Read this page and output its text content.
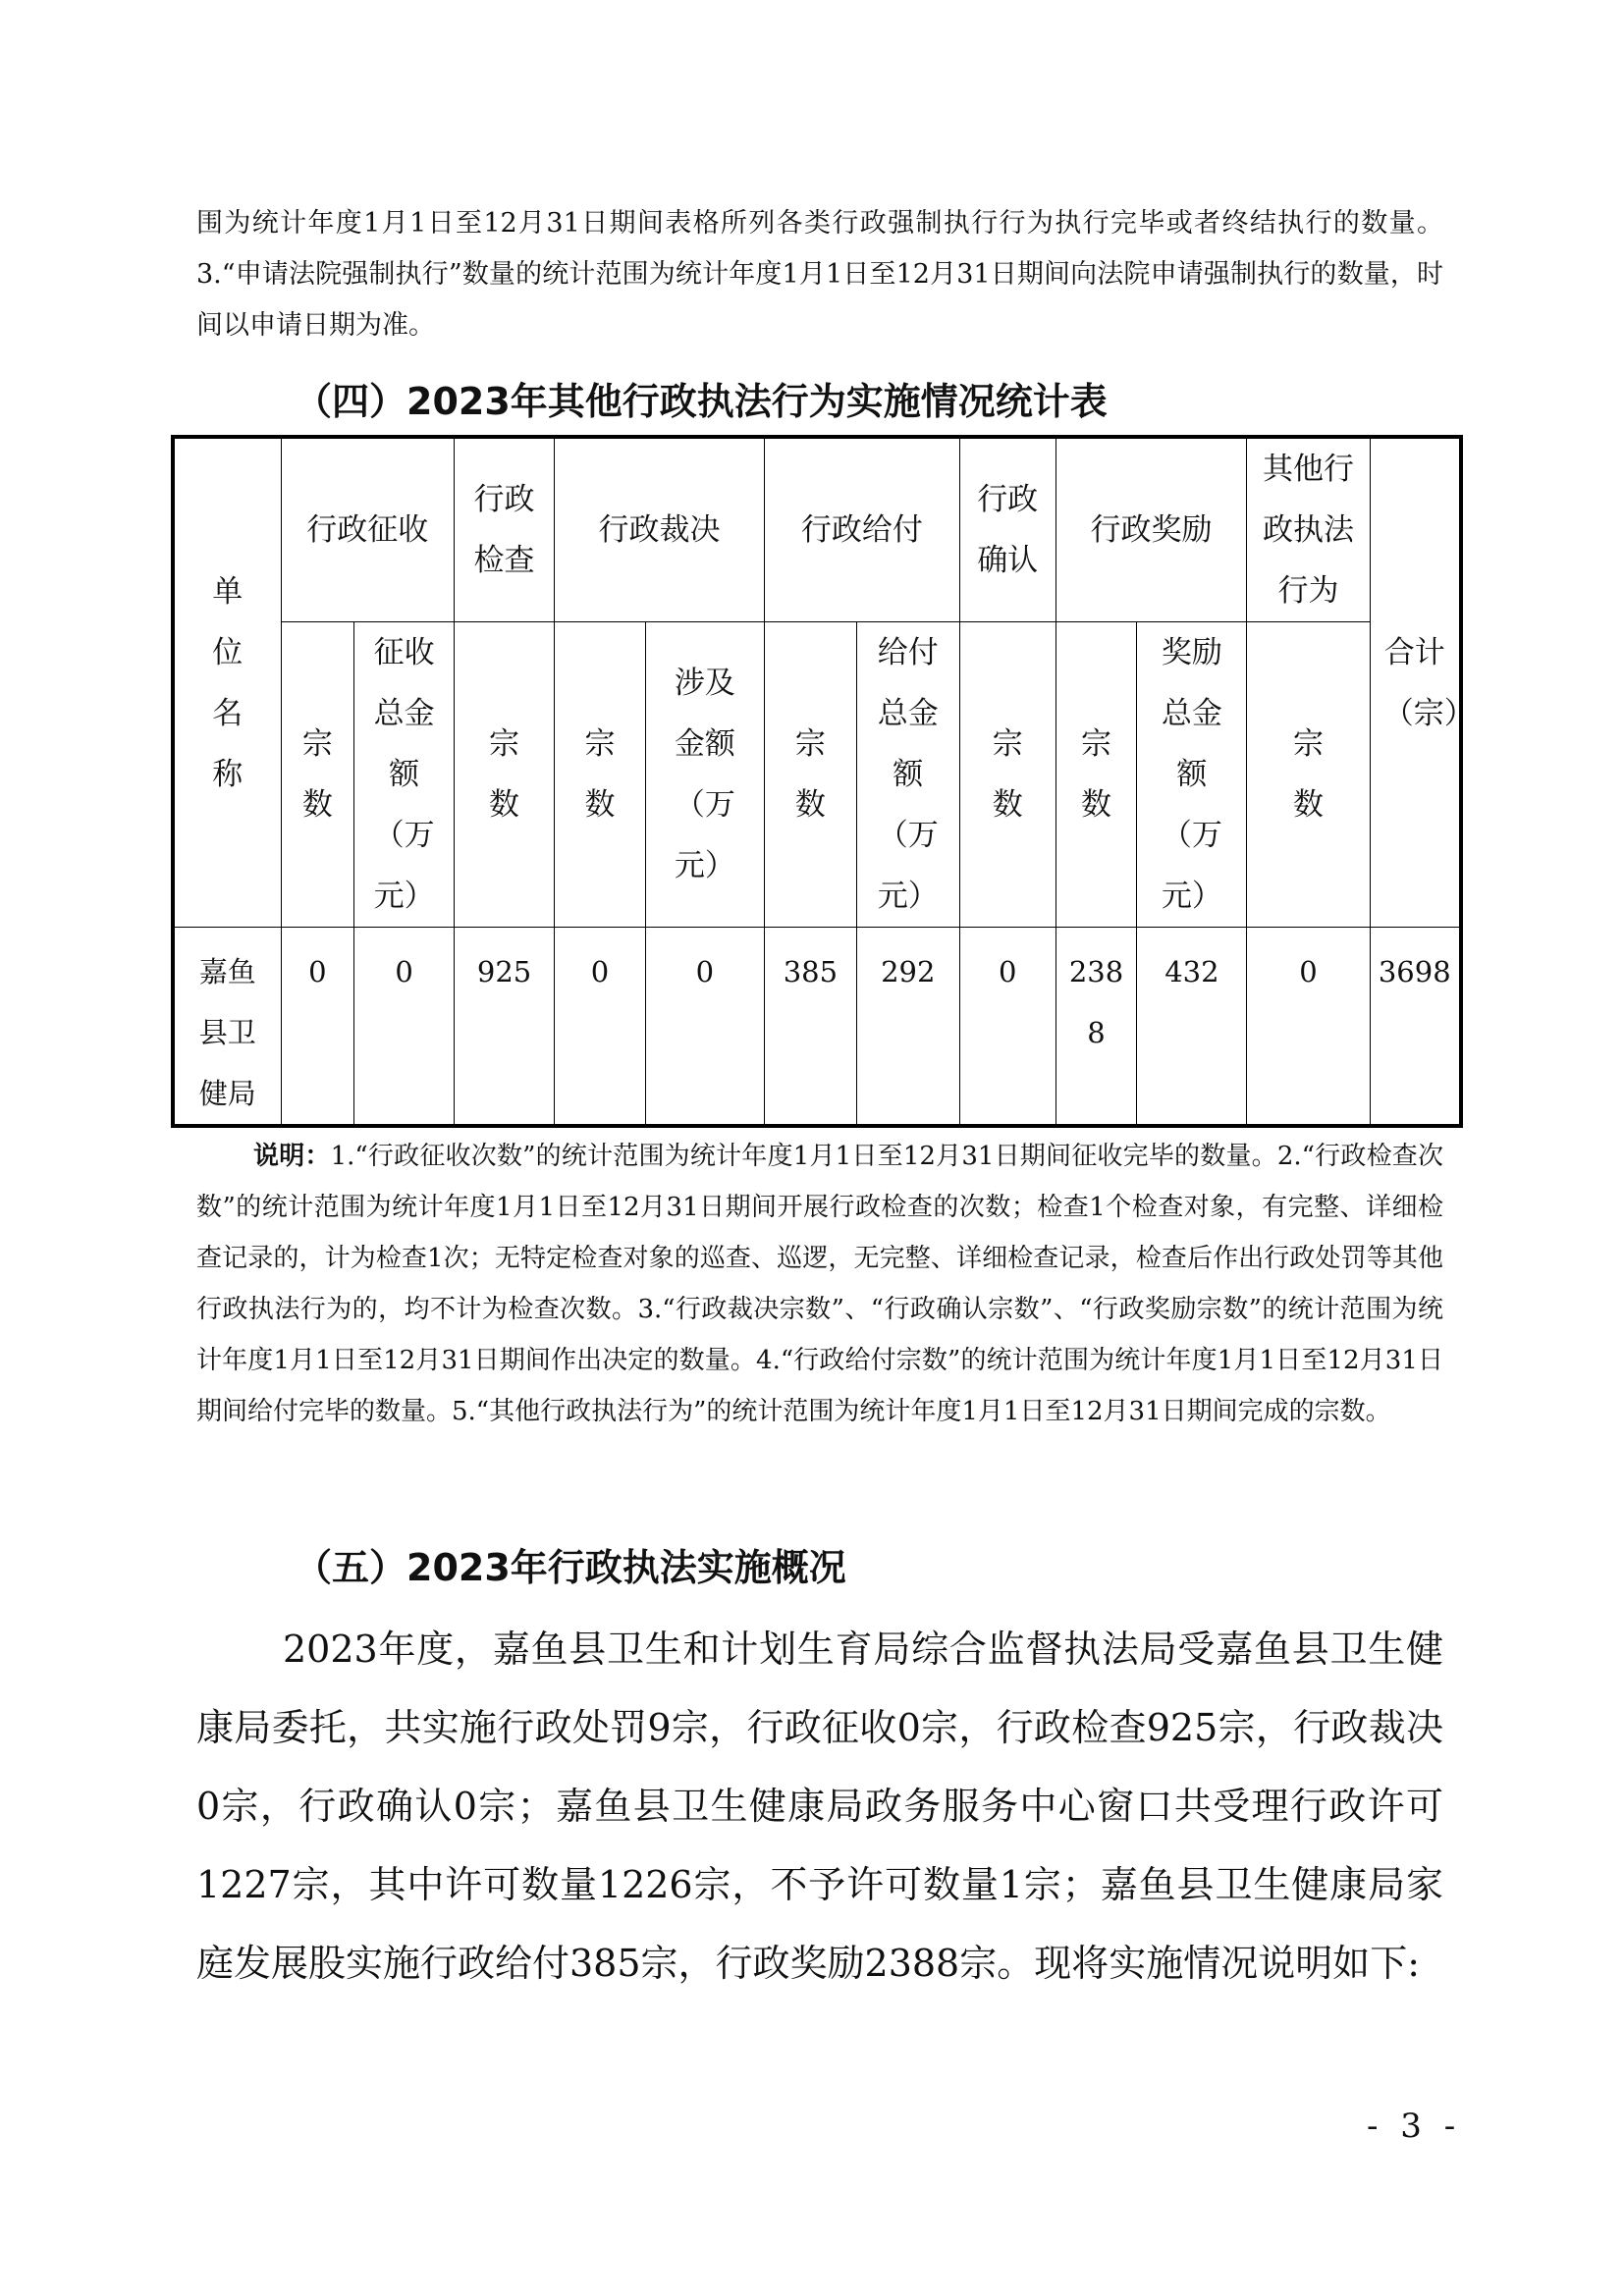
围为统计年度1月1日至12月31日期间表格所列各类行政强制执行行为执行完毕或者终结执行的数量。3.“申请法院强制执行”数量的统计范围为统计年度1月1日至12月31日期间向法院申请强制执行的数量，时间以申请日期为准。

（四）2023年其他行政执法行为实施情况统计表
单位名称	行政征收		行政检查	行政裁决		行政给付		行政确认	行政奖励		其他行政执法行为	合计（宗）

	宗数	征收总金额（万元）	宗数	宗数	涉及金额（万元）	宗数	给付总金额（万元）	宗数	宗数	奖励总金额（万元）	宗数	

嘉鱼县卫健局	0	0	925	0	0	385	292	0	2388	432	0	3698

说明：1.“行政征收次数”的统计范围为统计年度1月1日至12月31日期间征收完毕的数量。2.“行政检查次数”的统计范围为统计年度1月1日至12月31日期间开展行政检查的次数；检查1个检查对象，有完整、详细检查记录的，计为检查1次；无特定检查对象的巡查、巡逻，无完整、详细检查记录，检查后作出行政处罚等其他行政执法行为的，均不计为检查次数。3.“行政裁决宗数”、“行政确认宗数”、“行政奖励宗数”的统计范围为统计年度1月1日至12月31日期间作出决定的数量。4.“行政给付宗数”的统计范围为统计年度1月1日至12月31日期间给付完毕的数量。5.“其他行政执法行为”的统计范围为统计年度1月1日至12月31日期间完成的宗数。

（五）2023年行政执法实施概况

2023年度，嘉鱼县卫生和计划生育局综合监督执法局受嘉鱼县卫生健康局委托，共实施行政处罚9宗，行政征收0宗，行政检查925宗，行政裁决0宗，行政确认0宗；嘉鱼县卫生健康局政务服务中心窗口共受理行政许可1227宗，其中许可数量1226宗，不予许可数量1宗；嘉鱼县卫生健康局家庭发展股实施行政给付385宗，行政奖励2388宗。现将实施情况说明如下:

- 3 -
